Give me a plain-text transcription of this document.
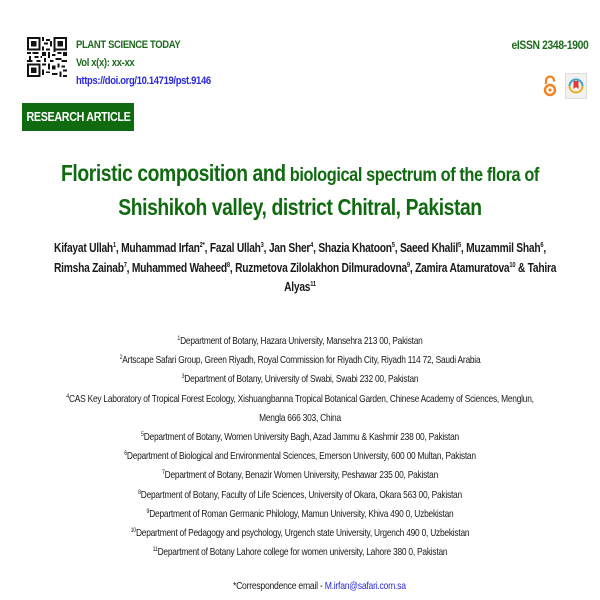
PLANT SCIENCE TODAY
Vol x(x): xx-xx
https://doi.org/10.14719/pst.9146
eISSN 2348-1900
RESEARCH ARTICLE
Floristic composition and biological spectrum of the flora of
Shishikoh valley, district Chitral, Pakistan
Kifayat Ullah$^1$, Muhammad Irfan$^{2*}$, Fazal Ullah$^3$, Jan Sher$^4$, Shazia Khatoon$^5$, Saeed Khalil$^5$, Muzammil Shah$^6$,
Rimsha Zainab$^7$, Muhammed Waheed$^8$, Ruzmetova Zilolakhon Dilmuradovna$^9$, Zamira Atamuratova$^{10}$ & Tahira
Alyas$^{11}$
$^1$Department of Botany, Hazara University, Mansehra 213 00, Pakistan
$^2$Artscape Safari Group, Green Riyadh, Royal Commission for Riyadh City, Riyadh 114 72, Saudi Arabia
$^3$Department of Botany, University of Swabi, Swabi 232 00, Pakistan
$^4$CAS Key Laboratory of Tropical Forest Ecology, Xishuangbanna Tropical Botanical Garden, Chinese Academy of Sciences, Menglun,
Mengla 666 303, China
$^5$Department of Botany, Women University Bagh, Azad Jammu & Kashmir 238 00, Pakistan
$^6$Department of Biological and Environmental Sciences, Emerson University, 600 00 Multan, Pakistan
$^7$Department of Botany, Benazir Women University, Peshawar 235 00, Pakistan
$^8$Department of Botany, Faculty of Life Sciences, University of Okara, Okara 563 00, Pakistan
$^9$Department of Roman Germanic Philology, Mamun University, Khiva 490 0, Uzbekistan
$^{10}$Department of Pedagogy and psychology, Urgench state University, Urgench 490 0, Uzbekistan
$^{11}$Department of Botany Lahore college for women university, Lahore 380 0, Pakistan
*Correspondence email - M.irfan@safari.com.sa
